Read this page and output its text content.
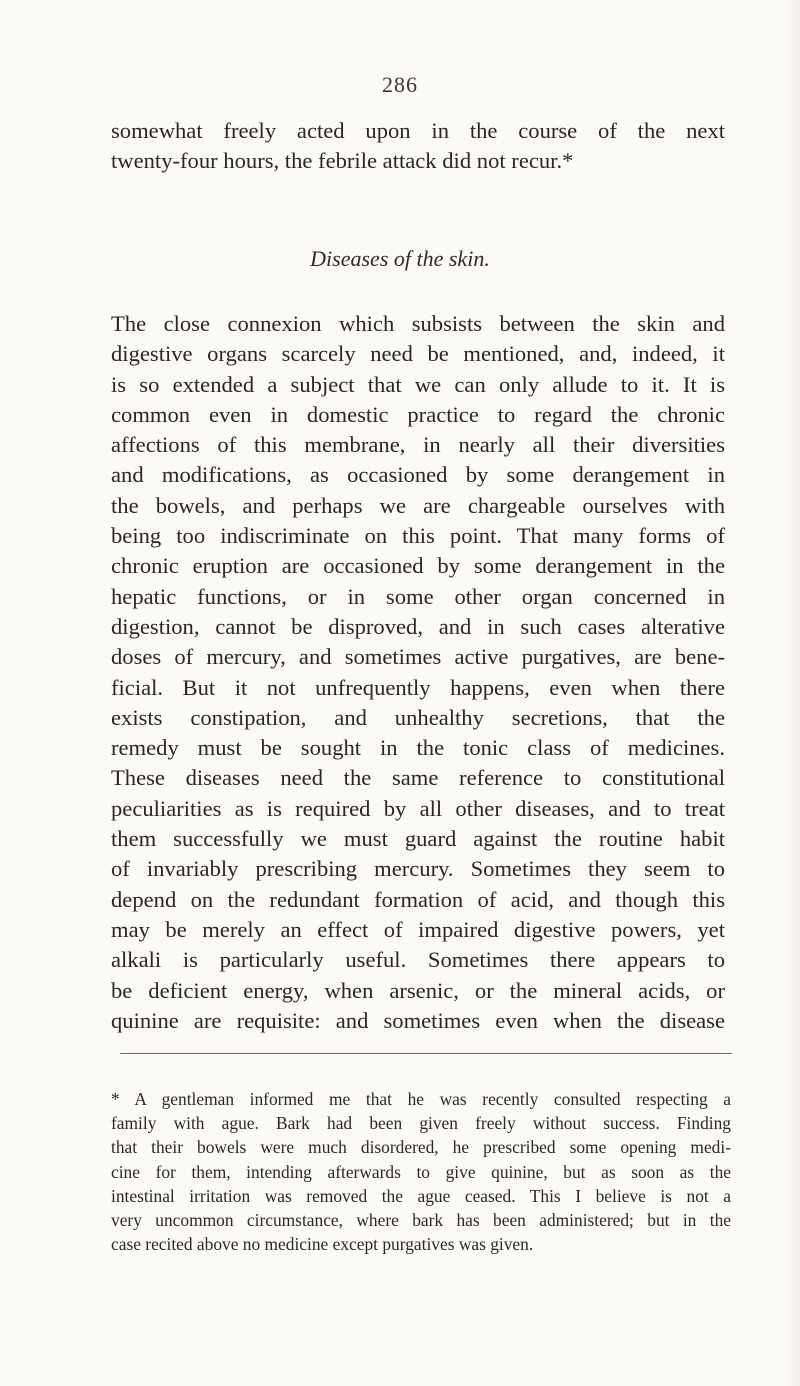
286
somewhat freely acted upon in the course of the next
twenty-four hours, the febrile attack did not recur.*
Diseases of the skin.
The close connexion which subsists between the skin and
digestive organs scarcely need be mentioned, and, indeed, it
is so extended a subject that we can only allude to it. It is
common even in domestic practice to regard the chronic
affections of this membrane, in nearly all their diversities
and modifications, as occasioned by some derangement in
the bowels, and perhaps we are chargeable ourselves with
being too indiscriminate on this point. That many forms of
chronic eruption are occasioned by some derangement in the
hepatic functions, or in some other organ concerned in
digestion, cannot be disproved, and in such cases alterative
doses of mercury, and sometimes active purgatives, are bene-
ficial. But it not unfrequently happens, even when there
exists constipation, and unhealthy secretions, that the
remedy must be sought in the tonic class of medicines.
These diseases need the same reference to constitutional
peculiarities as is required by all other diseases, and to treat
them successfully we must guard against the routine habit
of invariably prescribing mercury. Sometimes they seem to
depend on the redundant formation of acid, and though this
may be merely an effect of impaired digestive powers, yet
alkali is particularly useful. Sometimes there appears to
be deficient energy, when arsenic, or the mineral acids, or
quinine are requisite: and sometimes even when the disease
* A gentleman informed me that he was recently consulted respecting a
family with ague. Bark had been given freely without success. Finding
that their bowels were much disordered, he prescribed some opening medi-
cine for them, intending afterwards to give quinine, but as soon as the
intestinal irritation was removed the ague ceased. This I believe is not a
very uncommon circumstance, where bark has been administered; but in the
case recited above no medicine except purgatives was given.
